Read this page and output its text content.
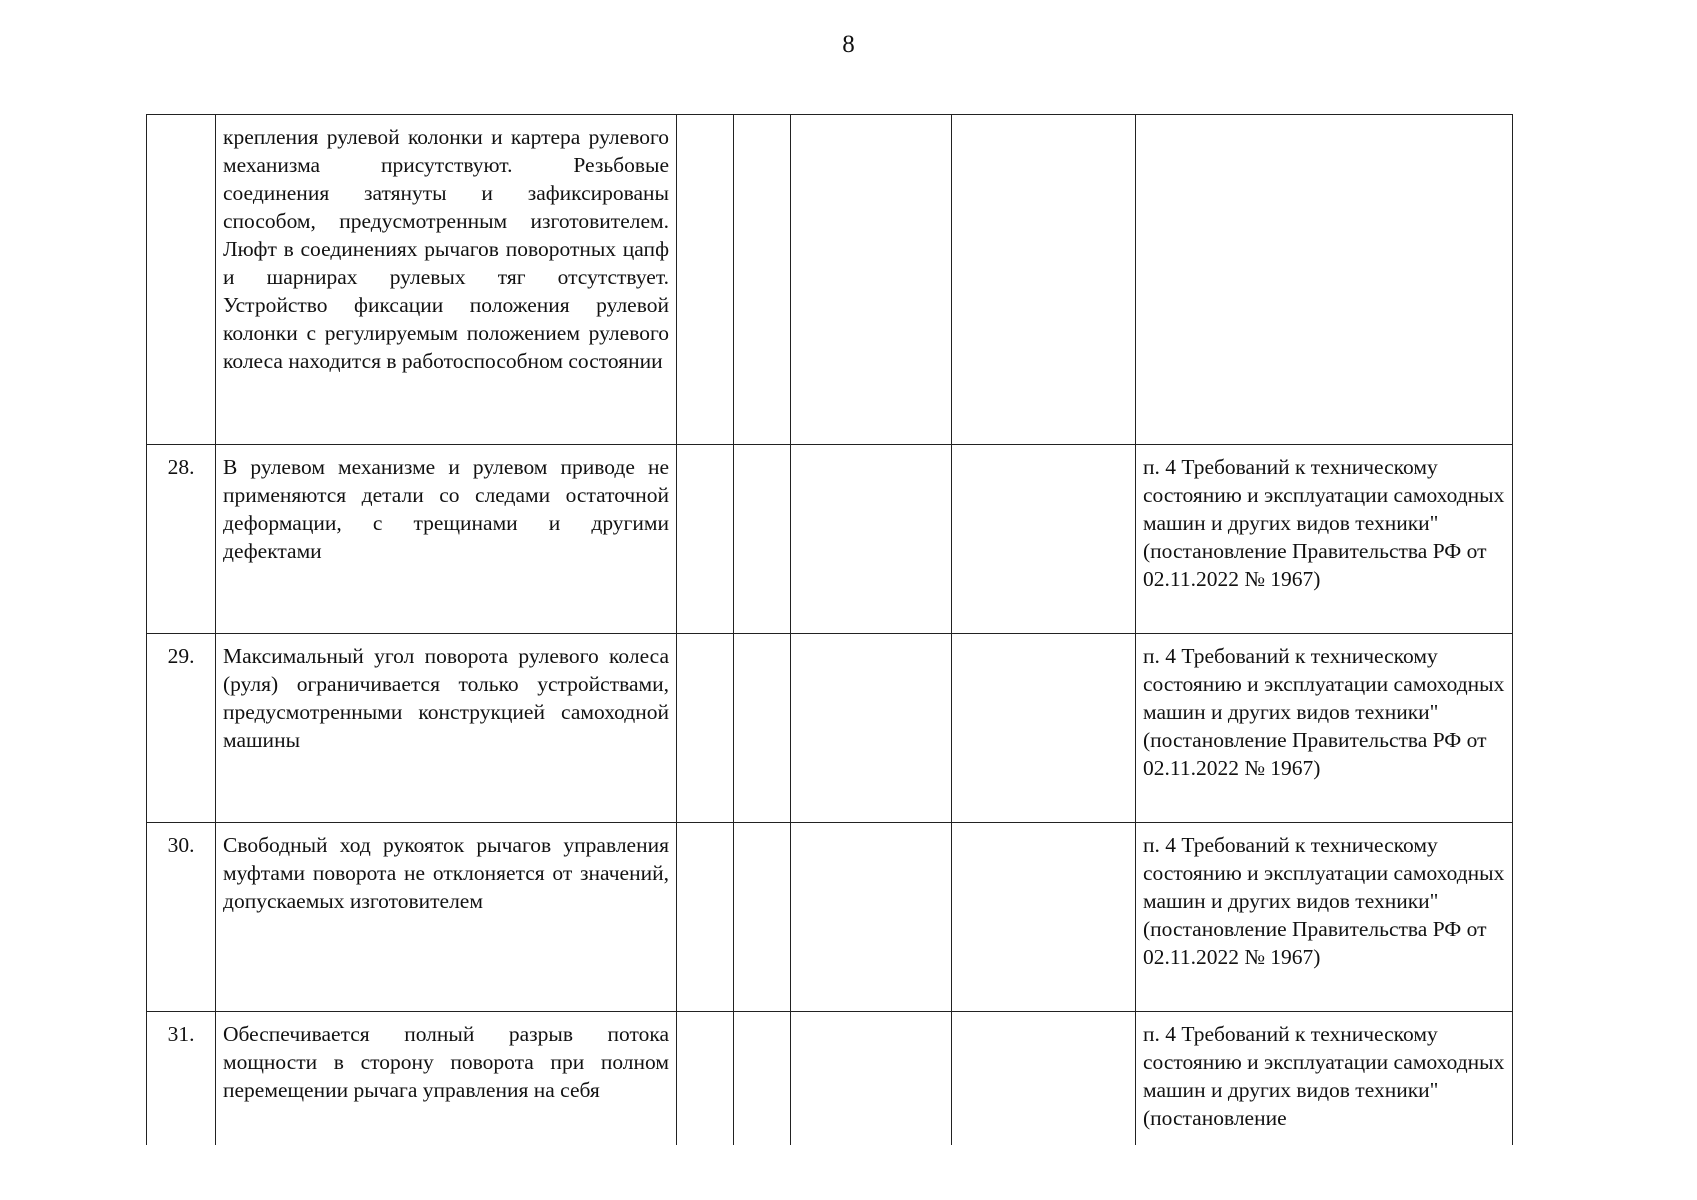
8
	крепления рулевой колонки и картера рулевого механизма присутствуют. Резьбовые соединения затянуты и зафиксированы способом, предусмотренным изготовителем. Люфт в соединениях рычагов поворотных цапф и шарнирах рулевых тяг отсутствует. Устройство фиксации положения рулевой колонки с регулируемым положением рулевого колеса находится в работоспособном состоянии					
28.	В рулевом механизме и рулевом приводе не применяются детали со следами остаточной деформации, с трещинами и другими дефектами					п. 4 Требований к техническому состоянию и эксплуатации самоходных машин и других видов техники" (постановление Правительства РФ от 02.11.2022 № 1967)
29.	Максимальный угол поворота рулевого колеса (руля) ограничивается только устройствами, предусмотренными конструкцией самоходной машины					п. 4 Требований к техническому состоянию и эксплуатации самоходных машин и других видов техники" (постановление Правительства РФ от 02.11.2022 № 1967)
30.	Свободный ход рукояток рычагов управления муфтами поворота не отклоняется от значений, допускаемых изготовителем					п. 4 Требований к техническому состоянию и эксплуатации самоходных машин и других видов техники" (постановление Правительства РФ от 02.11.2022 № 1967)
31.	Обеспечивается полный разрыв потока мощности в сторону поворота при полном перемещении рычага управления на себя					п. 4 Требований к техническому состоянию и эксплуатации самоходных машин и других видов техники" (постановление
